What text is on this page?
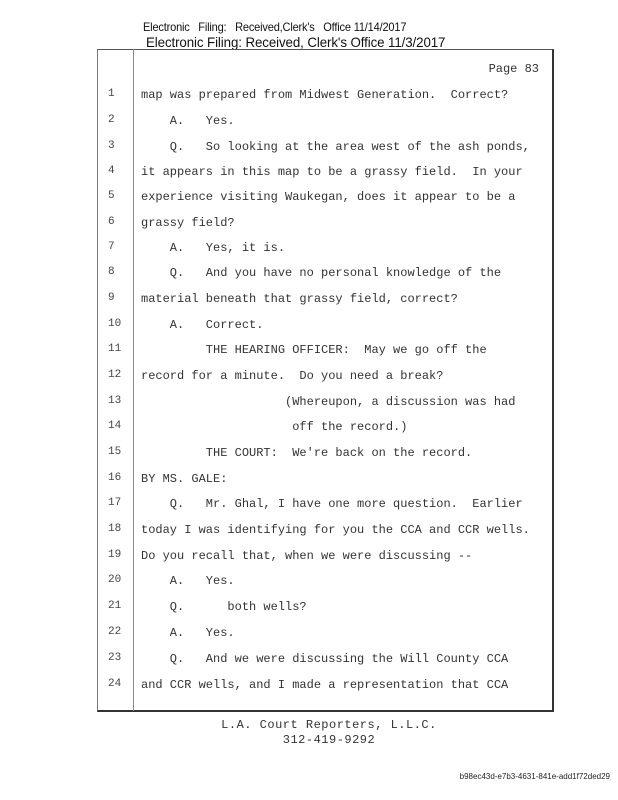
Electronic   Filing:   Received,Clerk's   Office 11/14/2017
Electronic Filing: Received, Clerk's Office 11/3/2017
Page 83
1	map was prepared from Midwest Generation.  Correct?
2	A.   Yes.
3	Q.   So looking at the area west of the ash ponds,
4	it appears in this map to be a grassy field.  In your
5	experience visiting Waukegan, does it appear to be a
6	grassy field?
7	A.   Yes, it is.
8	Q.   And you have no personal knowledge of the
9	material beneath that grassy field, correct?
10	A.   Correct.
11	THE HEARING OFFICER:  May we go off the
12	record for a minute.  Do you need a break?
13	(Whereupon, a discussion was had
14	off the record.)
15	THE COURT:  We're back on the record.
16	BY MS. GALE:
17	Q.   Mr. Ghal, I have one more question.  Earlier
18	today I was identifying for you the CCA and CCR wells.
19	Do you recall that, when we were discussing --
20	A.   Yes.
21	Q.      both wells?
22	A.   Yes.
23	Q.   And we were discussing the Will County CCA
24	and CCR wells, and I made a representation that CCA
L.A. Court Reporters, L.L.C.
312-419-9292
b98ec43d-e7b3-4631-841e-add1f72ded29
